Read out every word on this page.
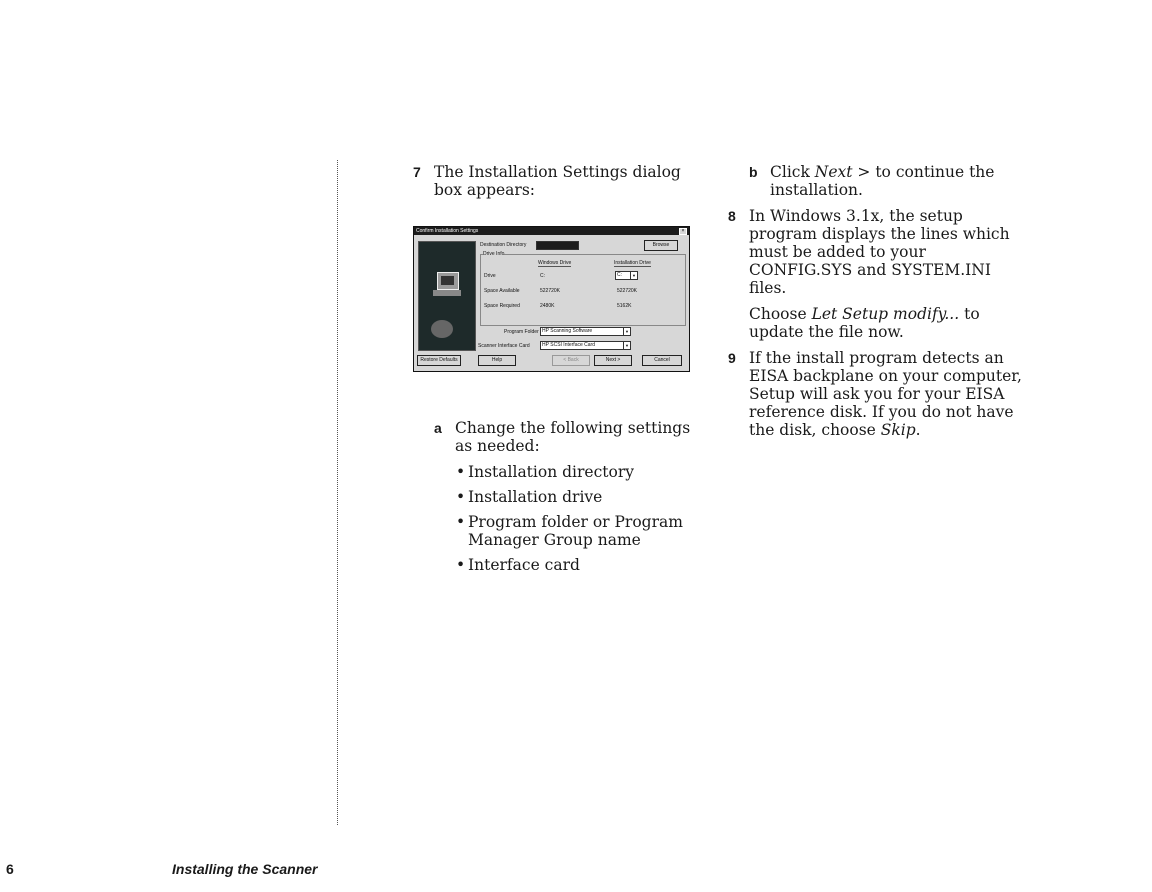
7 The Installation Settings dialog box appears:
Confirm Installation Settings	×
Destination Directory	Browse
Drive Info
Windows Drive	Installation Drive
Drive	C:	C:	▼
Space Available	522720K	522720K
Space Required	2480K	5162K
Program Folder HP Scanning Software	▼
Scanner Interface Card	HP SCSI Interface Card	▼
Restore Defaults	Help	< Back	Next >	Cancel
a Change the following settings as needed:
• Installation directory
• Installation drive
• Program folder or Program Manager Group name
• Interface card
b Click Next > to continue the installation.
8 In Windows 3.1x, the setup program displays the lines which must be added to your CONFIG.SYS and SYSTEM.INI files.
Choose Let Setup modify... to update the file now.
9 If the install program detects an EISA backplane on your computer, Setup will ask you for your EISA reference disk. If you do not have the disk, choose Skip.
6	Installing the Scanner
